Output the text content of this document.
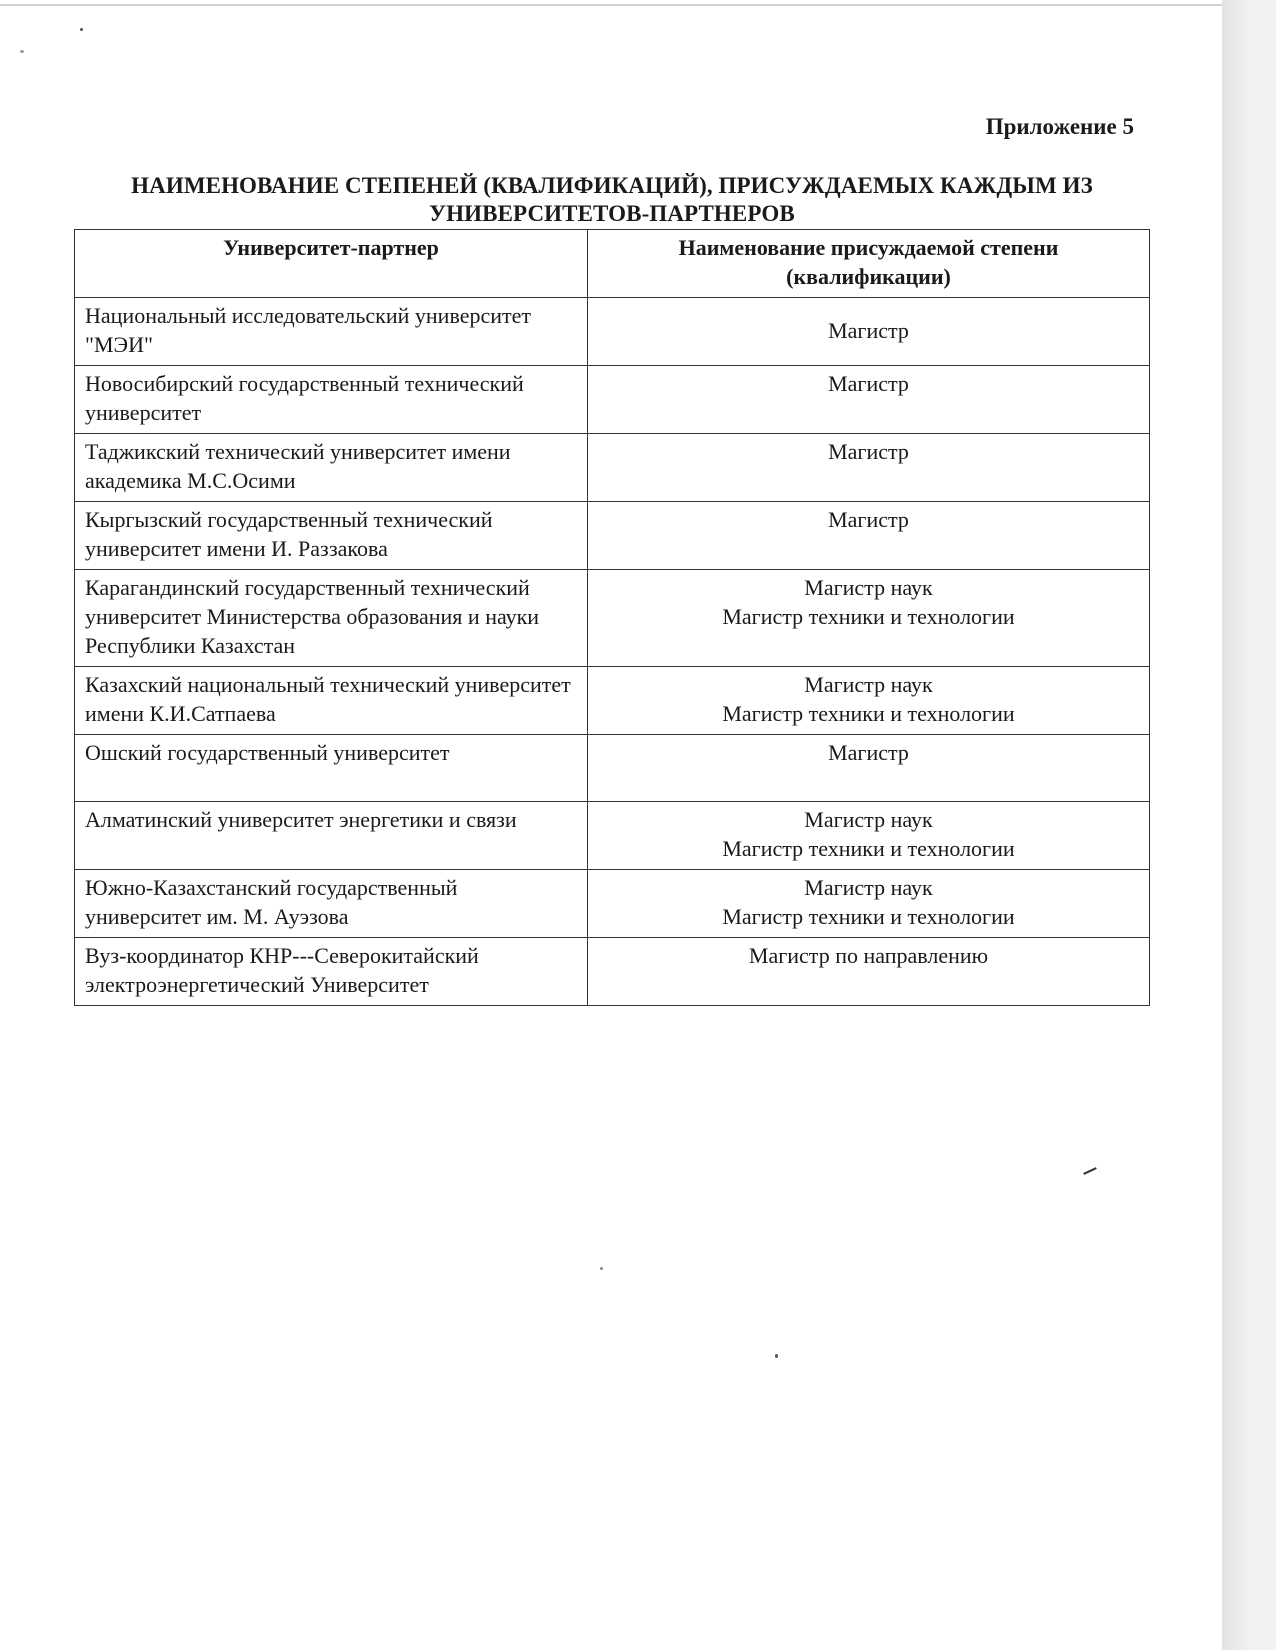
Приложение 5
НАИМЕНОВАНИЕ СТЕПЕНЕЙ (КВАЛИФИКАЦИЙ), ПРИСУЖДАЕМЫХ КАЖДЫМ ИЗ
УНИВЕРСИТЕТОВ-ПАРТНЕРОВ
Университет-партнер	Наименование присуждаемой степени (квалификации)
Национальный исследовательский университет "МЭИ"	Магистр
Новосибирский государственный технический университет	Магистр
Таджикский технический университет имени академика М.С.Осими	Магистр
Кыргызский государственный технический университет имени И. Раззакова	Магистр
Карагандинский государственный технический университет Министерства образования и науки Республики Казахстан	Магистр наук
Магистр техники и технологии
Казахский национальный технический университет имени К.И.Сатпаева	Магистр наук
Магистр техники и технологии
Ошский государственный университет	Магистр
Алматинский университет энергетики и связи	Магистр наук
Магистр техники и технологии
Южно-Казахстанский государственный университет им. М. Ауэзова	Магистр наук
Магистр техники и технологии
Вуз-координатор КНР---Северокитайский электроэнергетический Университет	Магистр по направлению
